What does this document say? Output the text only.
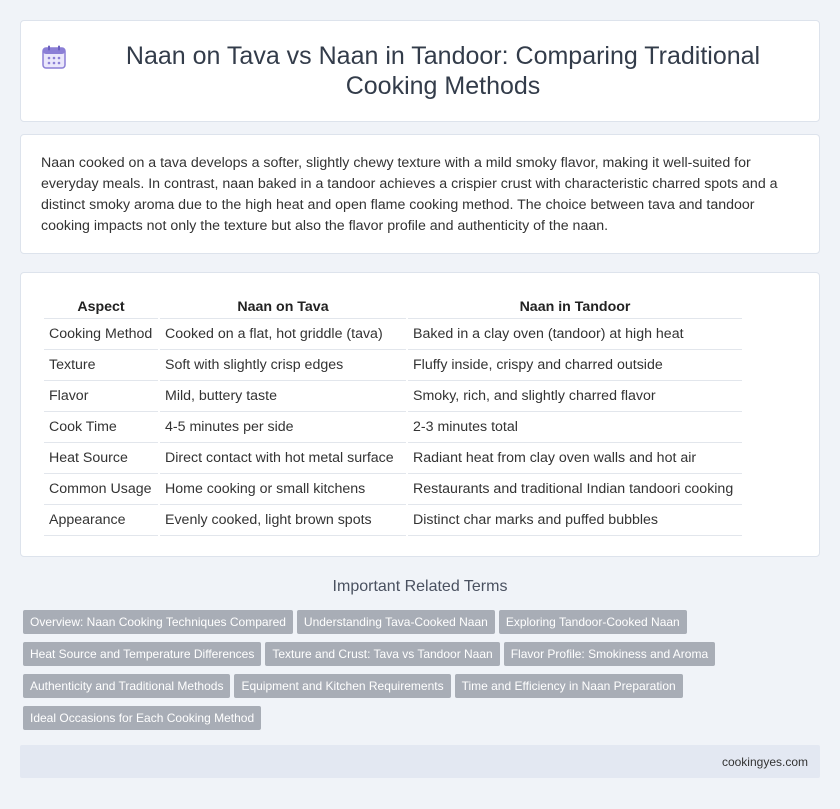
Naan on Tava vs Naan in Tandoor: Comparing Traditional Cooking Methods

Naan cooked on a tava develops a softer, slightly chewy texture with a mild smoky flavor, making it well-suited for everyday meals. In contrast, naan baked in a tandoor achieves a crispier crust with characteristic charred spots and a distinct smoky aroma due to the high heat and open flame cooking method. The choice between tava and tandoor cooking impacts not only the texture but also the flavor profile and authenticity of the naan.

Aspect	Naan on Tava	Naan in Tandoor
Cooking Method	Cooked on a flat, hot griddle (tava)	Baked in a clay oven (tandoor) at high heat
Texture	Soft with slightly crisp edges	Fluffy inside, crispy and charred outside
Flavor	Mild, buttery taste	Smoky, rich, and slightly charred flavor
Cook Time	4-5 minutes per side	2-3 minutes total
Heat Source	Direct contact with hot metal surface	Radiant heat from clay oven walls and hot air
Common Usage	Home cooking or small kitchens	Restaurants and traditional Indian tandoori cooking
Appearance	Evenly cooked, light brown spots	Distinct char marks and puffed bubbles
Important Related Terms
Overview: Naan Cooking Techniques Compared Understanding Tava-Cooked Naan Exploring Tandoor-Cooked Naan
Heat Source and Temperature Differences Texture and Crust: Tava vs Tandoor Naan Flavor Profile: Smokiness and Aroma
Authenticity and Traditional Methods Equipment and Kitchen Requirements Time and Efficiency in Naan Preparation
Ideal Occasions for Each Cooking Method
cookingyes.com
